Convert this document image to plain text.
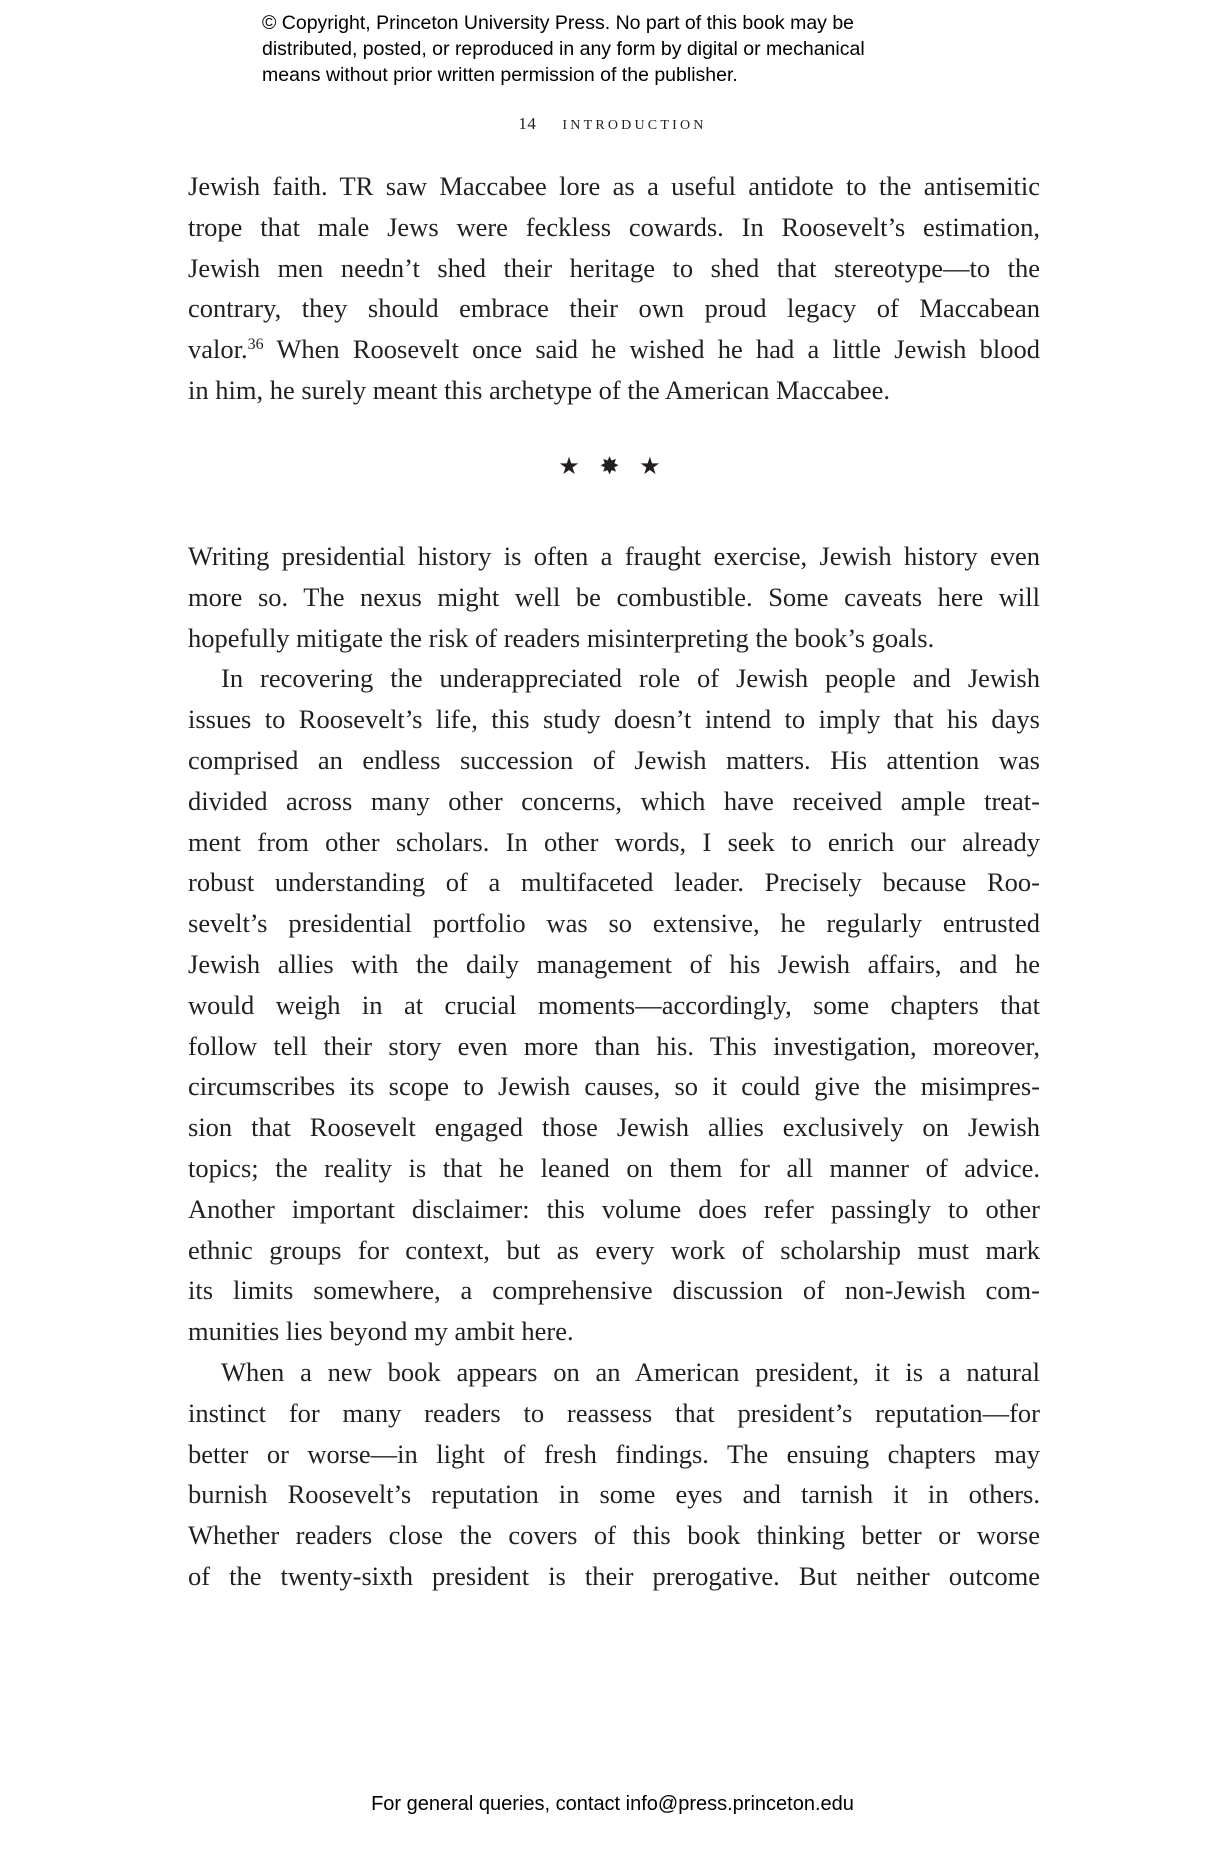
© Copyright, Princeton University Press. No part of this book may be
distributed, posted, or reproduced in any form by digital or mechanical
means without prior written permission of the publisher.
14 introduction
Jewish faith. TR saw Maccabee lore as a useful antidote to the antisemitic
trope that male Jews were feckless cowards. In Roosevelt’s estimation,
Jewish men needn’t shed their heritage to shed that stereotype—to the
contrary, they should embrace their own proud legacy of Maccabean
valor.$^{36}$ When Roosevelt once said he wished he had a little Jewish blood
in him, he surely meant this archetype of the American Maccabee.
★ ✸ ★
Writing presidential history is often a fraught exercise, Jewish history even
more so. The nexus might well be combustible. Some caveats here will
hopefully mitigate the risk of readers misinterpreting the book’s goals.
In recovering the underappreciated role of Jewish people and Jewish
issues to Roosevelt’s life, this study doesn’t intend to imply that his days
comprised an endless succession of Jewish matters. His attention was
divided across many other concerns, which have received ample treat-
ment from other scholars. In other words, I seek to enrich our already
robust understanding of a multifaceted leader. Precisely because Roo-
sevelt’s presidential portfolio was so extensive, he regularly entrusted
Jewish allies with the daily management of his Jewish affairs, and he
would weigh in at crucial moments—accordingly, some chapters that
follow tell their story even more than his. This investigation, moreover,
circumscribes its scope to Jewish causes, so it could give the misimpres-
sion that Roosevelt engaged those Jewish allies exclusively on Jewish
topics; the reality is that he leaned on them for all manner of advice.
Another important disclaimer: this volume does refer passingly to other
ethnic groups for context, but as every work of scholarship must mark
its limits somewhere, a comprehensive discussion of non-Jewish com-
munities lies beyond my ambit here.
When a new book appears on an American president, it is a natural
instinct for many readers to reassess that president’s reputation—for
better or worse—in light of fresh findings. The ensuing chapters may
burnish Roosevelt’s reputation in some eyes and tarnish it in others.
Whether readers close the covers of this book thinking better or worse
of the twenty-sixth president is their prerogative. But neither outcome
For general queries, contact info@press.princeton.edu
